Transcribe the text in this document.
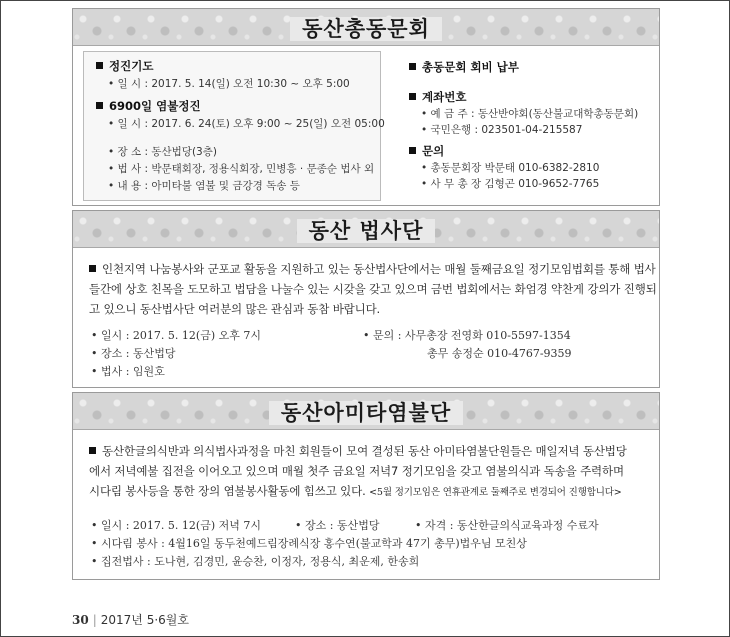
동산총동문회
정진기도
• 일 시 : 2017. 5. 14(일) 오전 10:30 ~ 오후 5:00
6900일 염불정진
• 일 시 : 2017. 6. 24(토) 오후 9:00 ~ 25(일) 오전 05:00
• 장 소 : 동산법당(3층)
• 법 사 : 박문태회장, 정용식회장, 민병흥 · 문종순 법사 외
• 내 용 : 아미타불 염불 및 금강경 독송 등
총동문회 회비 납부
계좌번호
• 예 금 주 : 동산반야회(동산불교대학총동문회)
• 국민은행 : 023501-04-215587
문의
• 총동문회장 박문태 010-6382-2810
• 사 무 총 장 김형곤 010-9652-7765
동산 법사단
인천지역 나눔봉사와 군포교 활동을 지원하고 있는 동산법사단에서는 매월 둘째금요일 정기모임법회를 통해 법사
들간에 상호 친목을 도모하고 법담을 나눌수 있는 시갖을 갖고 있으며 금번 법회에서는 화엄경 약찬게 강의가 진행되
고 있으니 동산법사단 여러분의 많은 관심과 동참 바랍니다.
• 일시 : 2017. 5. 12(금) 오후 7시
• 장소 : 동산법당
• 법사 : 임원호
• 문의 : 사무총장 전영화 010-5597-1354
총무 송정순 010-4767-9359
동산아미타염불단
동산한글의식반과 의식법사과정을 마친 회원들이 모여 결성된 동산 아미타염불단원들은 매일저녁 동산법당
에서 저녁예불 집전을 이어오고 있으며 매월 첫주 금요일 저녁7 정기모임을 갖고 염불의식과 독송을 주력하며
시다림 봉사등을 통한 장의 염불봉사활동에 힘쓰고 있다. <5월 정기모임은 연휴관계로 둘째주로 변경되어 진행합니다>
• 일시 : 2017. 5. 12(금) 저녁 7시	• 장소 : 동산법당	• 자격 : 동산한글의식교육과정 수료자
• 시다림 봉사 : 4월16일 동두천예드림장례식장 홍수연(불교학과 47기 총무)법우님 모친상
• 집전법사 : 도나현, 김경민, 윤승찬, 이정자, 정용식, 최운제, 한송희
30 | 2017년 5·6월호
